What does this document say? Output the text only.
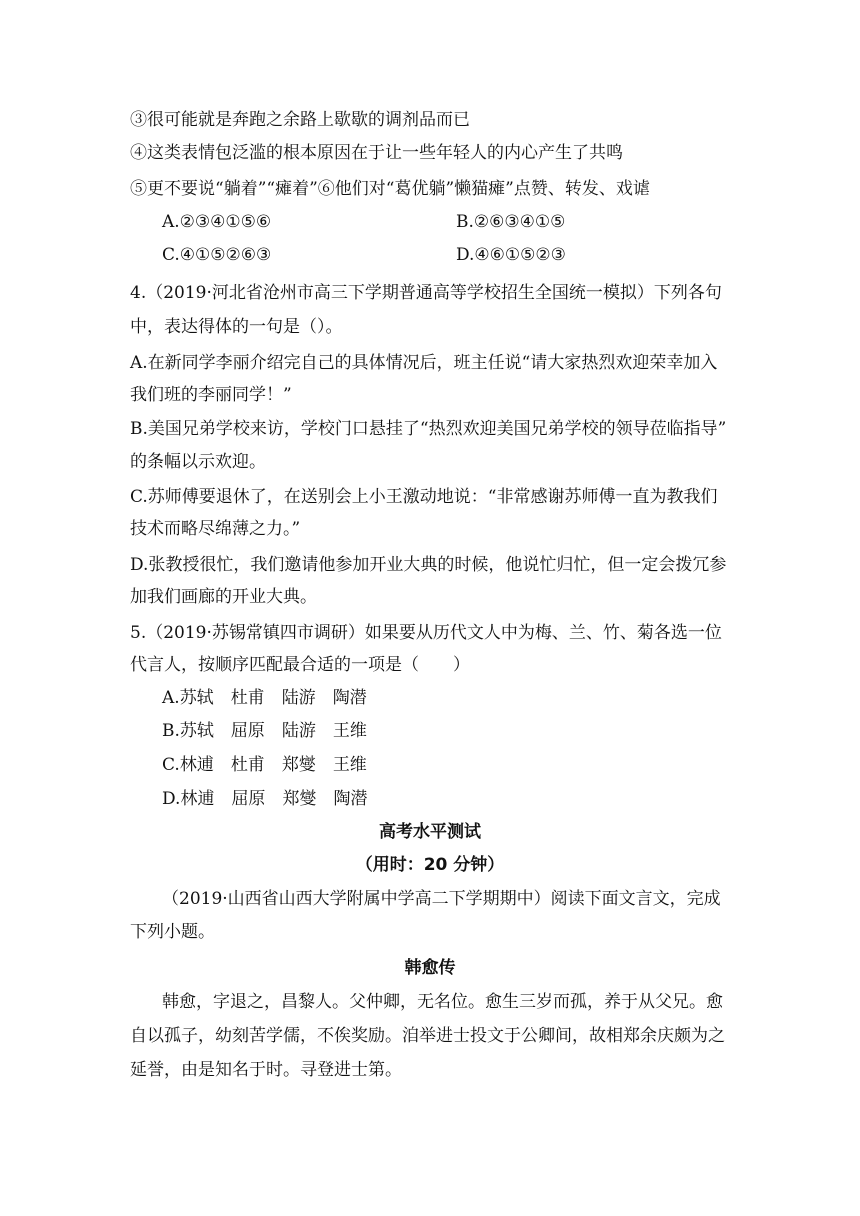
③很可能就是奔跑之余路上歇歇的调剂品而已
④这类表情包泛滥的根本原因在于让一些年轻人的内心产生了共鸣
⑤更不要说“躺着”“瘫着”⑥他们对“葛优躺”懒猫瘫”点赞、转发、戏谑
A.②③④①⑤⑥	B.②⑥③④①⑤
C.④①⑤②⑥③	D.④⑥①⑤②③
4.（2019·河北省沧州市高三下学期普通高等学校招生全国统一模拟）下列各句
中，表达得体的一句是（）。
A.在新同学李丽介绍完自己的具体情况后，班主任说“请大家热烈欢迎荣幸加入
我们班的李丽同学！”
B.美国兄弟学校来访，学校门口悬挂了“热烈欢迎美国兄弟学校的领导莅临指导”
的条幅以示欢迎。
C.苏师傅要退休了，在送别会上小王激动地说：“非常感谢苏师傅一直为教我们
技术而略尽绵薄之力。”
D.张教授很忙，我们邀请他参加开业大典的时候，他说忙归忙，但一定会拨冗参
加我们画廊的开业大典。
5.（2019·苏锡常镇四市调研）如果要从历代文人中为梅、兰、竹、菊各选一位
代言人，按顺序匹配最合适的一项是（　　）
A.苏轼 杜甫 陆游 陶潜
B.苏轼 屈原 陆游 王维
C.林逋 杜甫 郑燮 王维
D.林逋 屈原 郑燮 陶潜
高考水平测试
（用时：20 分钟）
（2019·山西省山西大学附属中学高二下学期期中）阅读下面文言文，完成
下列小题。
韩愈传
韩愈，字退之，昌黎人。父仲卿，无名位。愈生三岁而孤，养于从父兄。愈
自以孤子，幼刻苦学儒，不俟奖励。洎举进士投文于公卿间，故相郑余庆颇为之
延誉，由是知名于时。寻登进士第。
